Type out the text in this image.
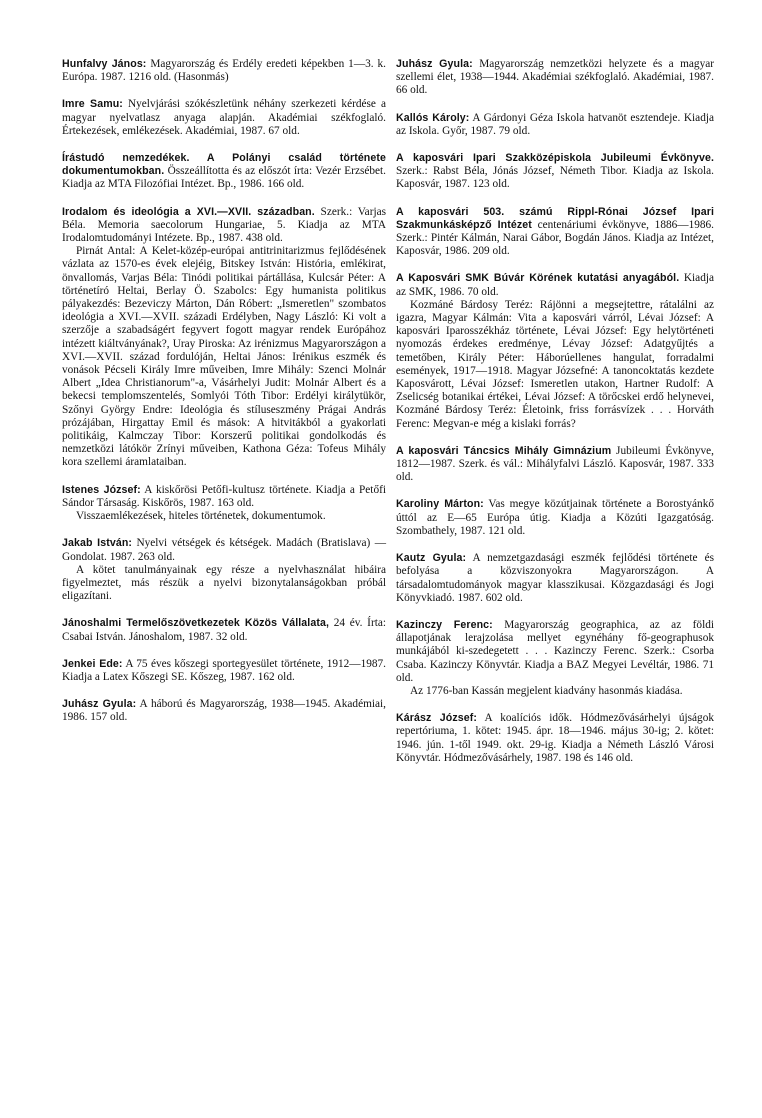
Hunfalvy János: Magyarország és Erdély eredeti képekben 1—3. k. Európa. 1987. 1216 old. (Hasonmás)
Imre Samu: Nyelvjárási szókészletünk néhány szerkezeti kérdése a magyar nyelvatlasz anyaga alapján. Akadémiai székfoglaló. Értekezések, emlékezések. Akadémiai, 1987. 67 old.
Írástudó nemzedékek. A Polányi család története dokumentumokban. Összeállította és az előszót írta: Vezér Erzsébet. Kiadja az MTA Filozófiai Intézet. Bp., 1986. 166 old.
Irodalom és ideológia a XVI.—XVII. században. Szerk.: Varjas Béla. Memoria saecolorum Hungariae, 5. Kiadja az MTA Irodalomtudományi Intézete. Bp., 1987. 438 old.
Pirnát Antal: A Kelet-közép-európai antitrinitarizmus fejlődésének vázlata az 1570-es évek elejéig, Bitskey István: História, emlékirat, önvallomás, Varjas Béla: Tinódi politikai pártállása, Kulcsár Péter: A történetíró Heltai, Berlay Ö. Szabolcs: Egy humanista politikus pályakezdés: Bezeviczy Márton, Dán Róbert: „Ismeretlen" szombatos ideológia a XVI.—XVII. századi Erdélyben, Nagy László: Ki volt a szerzője a szabadságért fegyvert fogott magyar rendek Európához intézett kiáltványának?, Uray Piroska: Az irénizmus Magyarországon a XVI.—XVII. század fordulóján, Heltai János: Irénikus eszmék és vonások Pécseli Király Imre műveiben, Imre Mihály: Szenci Molnár Albert „Idea Christianorum"-a, Vásárhelyi Judit: Molnár Albert és a bekecsi templomszentelés, Somlyói Tóth Tibor: Erdélyi királytükör, Szőnyi György Endre: Ideológia és stíluseszmény Prágai András prózájában, Hirgattay Emil és mások: A hitvitákból a gyakorlati politikáig, Kalmczay Tibor: Korszerű politikai gondolkodás és nemzetközi látókör Zrínyi műveiben, Kathona Géza: Tofeus Mihály kora szellemi áramlataiban.
Istenes József: A kiskőrösi Petőfi-kultusz története. Kiadja a Petőfi Sándor Társaság. Kiskőrös, 1987. 163 old.
Visszaemlékezések, hiteles történetek, dokumentumok.
Jakab István: Nyelvi vétségek és kétségek. Madách (Bratislava) — Gondolat. 1987. 263 old.
A kötet tanulmányainak egy része a nyelvhasználat hibáira figyelmeztet, más részük a nyelvi bizonytalanságokban próbál eligazítani.
Jánoshalmi Termelőszövetkezetek Közös Vállalata, 24 év. Írta: Csabai István. Jánoshalom, 1987. 32 old.
Jenkei Ede: A 75 éves kőszegi sportegyesület története, 1912—1987. Kiadja a Latex Kőszegi SE. Kőszeg, 1987. 162 old.
Juhász Gyula: A háború és Magyarország, 1938—1945. Akadémiai, 1986. 157 old.
Juhász Gyula: Magyarország nemzetközi helyzete és a magyar szellemi élet, 1938—1944. Akadémiai székfoglaló. Akadémiai, 1987. 66 old.
Kallós Károly: A Gárdonyi Géza Iskola hatvanöt esztendeje. Kiadja az Iskola. Győr, 1987. 79 old.
A kaposvári Ipari Szakközépiskola Jubileumi Évkönyve. Szerk.: Rabst Béla, Jónás József, Németh Tibor. Kiadja az Iskola. Kaposvár, 1987. 123 old.
A kaposvári 503. számú Rippl-Rónai József Ipari Szakmunkásképző Intézet centenáriumi évkönyve, 1886—1986. Szerk.: Pintér Kálmán, Narai Gábor, Bogdán János. Kiadja az Intézet, Kaposvár, 1986. 209 old.
A Kaposvári SMK Búvár Körének kutatási anyagából. Kiadja az SMK, 1986. 70 old.
Kozmáné Bárdosy Teréz: Rájönni a megsejtettre, rátalálni az igazra, Magyar Kálmán: Vita a kaposvári várról, Lévai József: A kaposvári Iparosszékház története, Lévai József: Egy helytörténeti nyomozás érdekes eredménye, Lévay József: Adatgyűjtés a temetőben, Király Péter: Háborúellenes hangulat, forradalmi események, 1917—1918. Magyar Józsefné: A tanoncoktatás kezdete Kaposvárott, Lévai József: Ismeretlen utakon, Hartner Rudolf: A Zselicség botanikai értékei, Lévai József: A törőcskei erdő helynevei, Kozmáné Bárdosy Teréz: Életoink, friss forrásvízek . . . Horváth Ferenc: Megvan-e még a kislaki forrás?
A kaposvári Táncsics Mihály Gimnázium Jubileumi Évkönyve, 1812—1987. Szerk. és vál.: Mihályfalvi László. Kaposvár, 1987. 333 old.
Karoliny Márton: Vas megye közútjainak története a Borostyánkő úttól az E—65 Európa útig. Kiadja a Közúti Igazgatóság. Szombathely, 1987. 121 old.
Kautz Gyula: A nemzetgazdasági eszmék fejlődési története és befolyása a közviszonyokra Magyarországon. A társadalomtudományok magyar klasszikusai. Közgazdasági és Jogi Könyvkiadó. 1987. 602 old.
Kazinczy Ferenc: Magyarország geographica, az az földi állapotjának lerajzolása mellyet egynéhány fő-geographusok munkájából ki-szedegetett . . . Kazinczy Ferenc. Szerk.: Csorba Csaba. Kazinczy Könyvtár. Kiadja a BAZ Megyei Levéltár, 1986. 71 old.
Az 1776-ban Kassán megjelent kiadvány hasonmás kiadása.
Kárász József: A koalíciós idők. Hódmezővásárhelyi újságok repertóriuma, 1. kötet: 1945. ápr. 18—1946. május 30-ig; 2. kötet: 1946. jún. 1-től 1949. okt. 29-ig. Kiadja a Németh László Városi Könyvtár. Hódmezővásárhely, 1987. 198 és 146 old.
